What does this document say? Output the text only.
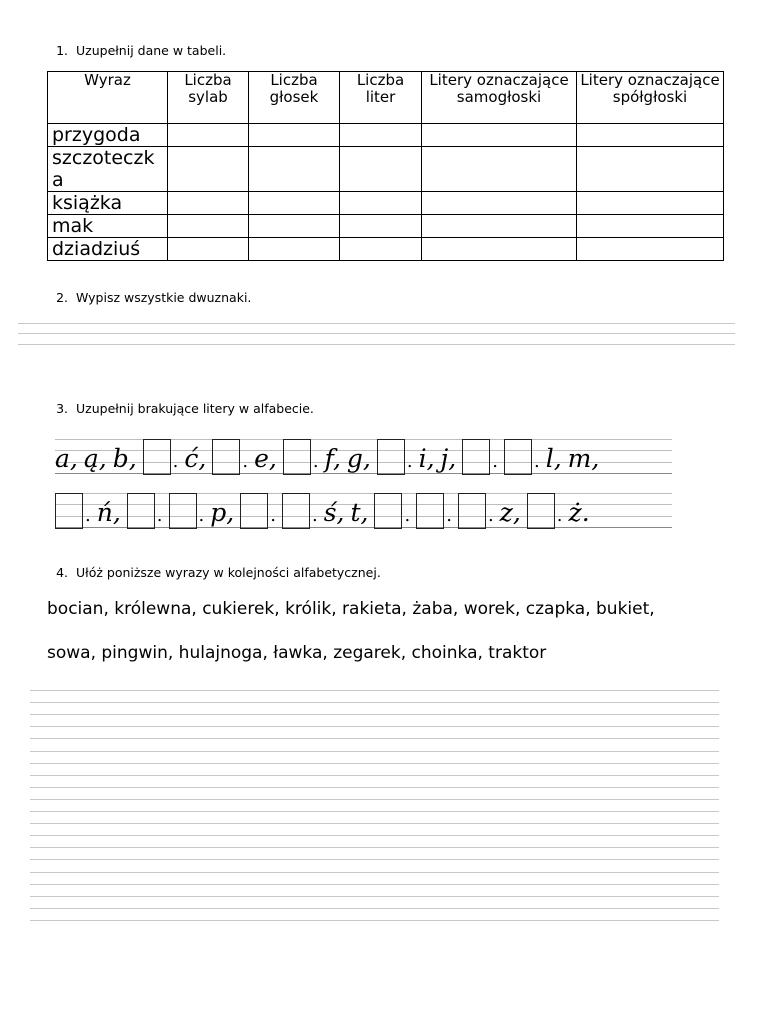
1. Uzupełnij dane w tabeli.
Wyraz	Liczba sylab	Liczba głosek	Liczba liter	Litery oznaczające samogłoski	Litery oznaczające spółgłoski
przygoda					
szczoteczka					
książka					
mak					
dziadziuś					
2. Wypisz wszystkie dwuznaki.
3. Uzupełnij brakujące litery w alfabecie.
a, ą, b, . ć, . e, . f, g, . i, j, . . l, m,
. ń, . . p, . . ś, t, . . . z, . ż.
4. Ułóż poniższe wyrazy w kolejności alfabetycznej.
bocian, królewna, cukierek, królik, rakieta, żaba, worek, czapka, bukiet,
sowa, pingwin, hulajnoga, ławka, zegarek, choinka, traktor
